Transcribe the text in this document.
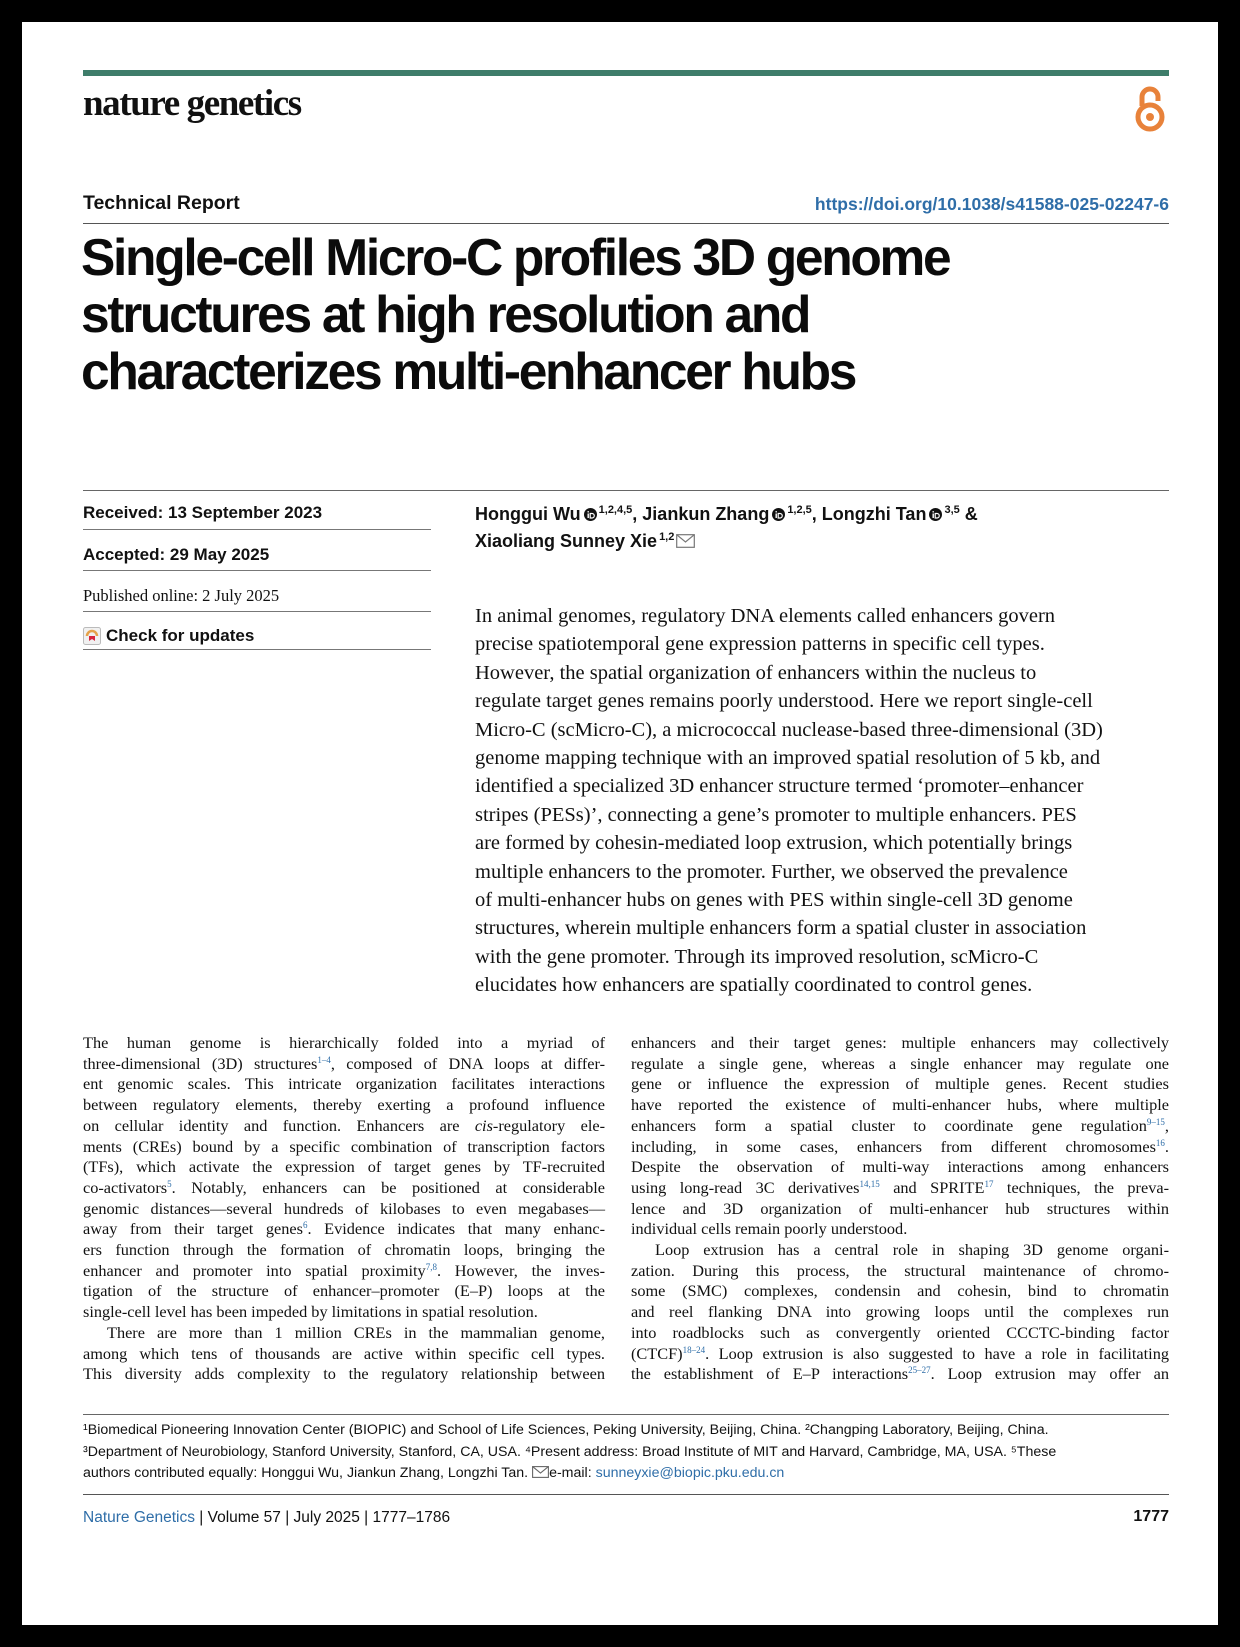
nature genetics
Technical Report	https://doi.org/10.1038/s41588-025-02247-6
Single-cell Micro-C profiles 3D genome
structures at high resolution and
characterizes multi-enhancer hubs
Received: 13 September 2023
Accepted: 29 May 2025
Published online: 2 July 2025
Check for updates
Honggui Wu $^{1,2,4,5}$, Jiankun Zhang $^{1,2,5}$, Longzhi Tan $^{3,5}$ &
Xiaoliang Sunney Xie $^{1,2}$
In animal genomes, regulatory DNA elements called enhancers govern
precise spatiotemporal gene expression patterns in specific cell types.
However, the spatial organization of enhancers within the nucleus to
regulate target genes remains poorly understood. Here we report single-cell
Micro-C (scMicro-C), a micrococcal nuclease-based three-dimensional (3D)
genome mapping technique with an improved spatial resolution of 5 kb, and
identified a specialized 3D enhancer structure termed ‘promoter–enhancer
stripes (PESs)’, connecting a gene’s promoter to multiple enhancers. PES
are formed by cohesin-mediated loop extrusion, which potentially brings
multiple enhancers to the promoter. Further, we observed the prevalence
of multi-enhancer hubs on genes with PES within single-cell 3D genome
structures, wherein multiple enhancers form a spatial cluster in association
with the gene promoter. Through its improved resolution, scMicro-C
elucidates how enhancers are spatially coordinated to control genes.
The human genome is hierarchically folded into a myriad of
three-dimensional (3D) structures$^{1-4}$, composed of DNA loops at differ-
ent genomic scales. This intricate organization facilitates interactions
between regulatory elements, thereby exerting a profound influence
on cellular identity and function. Enhancers are cis-regulatory ele-
ments (CREs) bound by a specific combination of transcription factors
(TFs), which activate the expression of target genes by TF-recruited
co-activators$^5$. Notably, enhancers can be positioned at considerable
genomic distances—several hundreds of kilobases to even megabases—
away from their target genes$^6$. Evidence indicates that many enhanc-
ers function through the formation of chromatin loops, bringing the
enhancer and promoter into spatial proximity$^{7,8}$. However, the inves-
tigation of the structure of enhancer–promoter (E–P) loops at the
single-cell level has been impeded by limitations in spatial resolution.
There are more than 1 million CREs in the mammalian genome,
among which tens of thousands are active within specific cell types.
This diversity adds complexity to the regulatory relationship between
enhancers and their target genes: multiple enhancers may collectively
regulate a single gene, whereas a single enhancer may regulate one
gene or influence the expression of multiple genes. Recent studies
have reported the existence of multi-enhancer hubs, where multiple
enhancers form a spatial cluster to coordinate gene regulation$^{9-15}$,
including, in some cases, enhancers from different chromosomes$^{16}$.
Despite the observation of multi-way interactions among enhancers
using long-read 3C derivatives$^{14,15}$ and SPRITE$^{17}$ techniques, the preva-
lence and 3D organization of multi-enhancer hub structures within
individual cells remain poorly understood.
Loop extrusion has a central role in shaping 3D genome organi-
zation. During this process, the structural maintenance of chromo-
some (SMC) complexes, condensin and cohesin, bind to chromatin
and reel flanking DNA into growing loops until the complexes run
into roadblocks such as convergently oriented CCCTC-binding factor
(CTCF)$^{18-24}$. Loop extrusion is also suggested to have a role in facilitating
the establishment of E–P interactions$^{25-27}$. Loop extrusion may offer an
¹Biomedical Pioneering Innovation Center (BIOPIC) and School of Life Sciences, Peking University, Beijing, China. ²Changping Laboratory, Beijing, China.
³Department of Neurobiology, Stanford University, Stanford, CA, USA. ⁴Present address: Broad Institute of MIT and Harvard, Cambridge, MA, USA. ⁵These
authors contributed equally: Honggui Wu, Jiankun Zhang, Longzhi Tan. e-mail: sunneyxie@biopic.pku.edu.cn
Nature Genetics | Volume 57 | July 2025 | 1777–1786	1777
